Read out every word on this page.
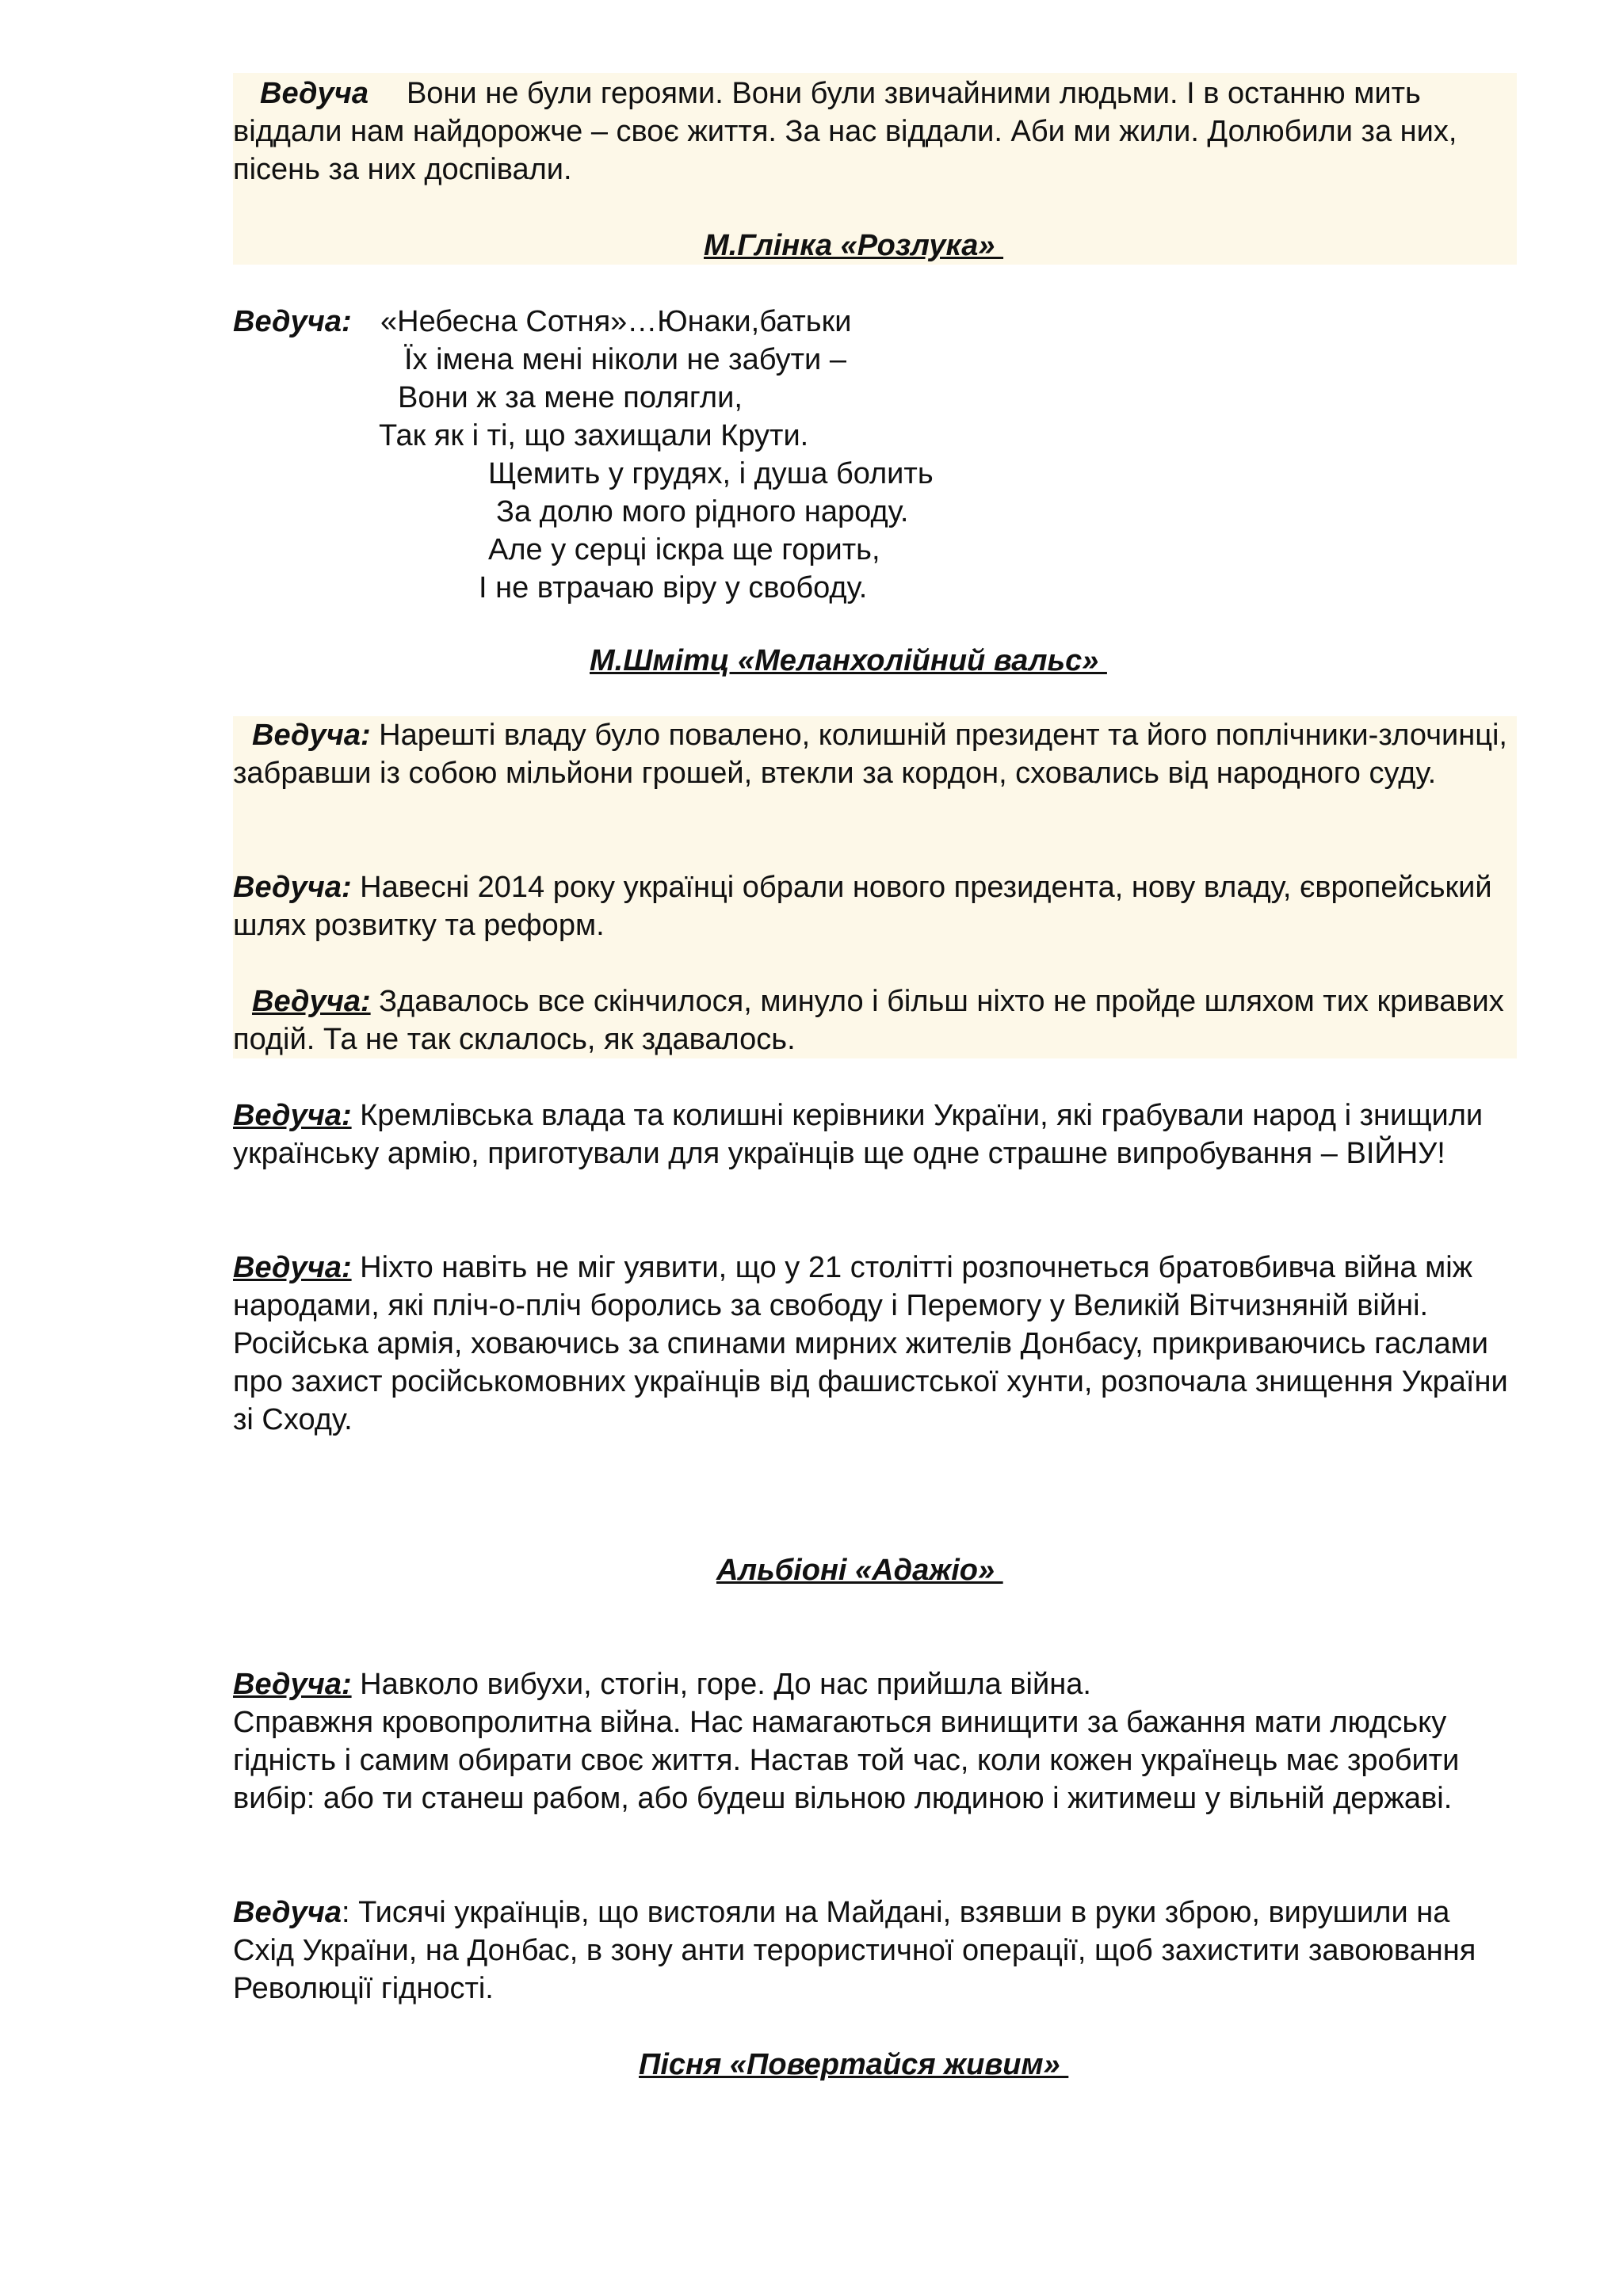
Ведуча Вони не були героями. Вони були звичайними людьми. І в останню мить віддали нам найдорожче – своє життя. За нас віддали. Аби ми жили. Долюбили за них, пісень за них доспівали.

М.Глінка «Розлука»
Ведуча: «Небесна Сотня»…Юнаки,батьки
Їх імена мені ніколи не забути –
Вони ж за мене полягли,
Так як і ті, що захищали Крути.
Щемить у грудях, і душа болить
За долю мого рідного народу.
Але у серці іскра ще горить,
І не втрачаю віру у свободу.
М.Шмітц «Меланхолійний вальс»

Ведуча: Нарешті владу було повалено, колишній президент та його поплічники-злочинці, забравши із собою мільйони грошей, втекли за кордон, сховались від народного суду.

Ведуча: Навесні 2014 року українці обрали нового президента, нову владу, європейський шлях розвитку та реформ.

Ведуча: Здавалось все скінчилося, минуло і більш ніхто не пройде шляхом тих кривавих подій. Та не так склалось, як здавалось.

Ведуча: Кремлівська влада та колишні керівники України, які грабували народ і знищили українську армію, приготували для українців ще одне страшне випробування – ВІЙНУ!

Ведуча: Ніхто навіть не міг уявити, що у 21 столітті розпочнеться братовбивча війна між народами, які пліч-о-пліч боролись за свободу і Перемогу у Великій Вітчизняній війні. Російська армія, ховаючись за спинами мирних жителів Донбасу, прикриваючись гаслами про захист російськомовних українців від фашистської хунти, розпочала знищення України зі Сходу.

Альбіоні «Адажіо»

Ведуча: Навколо вибухи, стогін, горе. До нас прийшла війна.

Справжня кровопролитна війна. Нас намагаються винищити за бажання мати людську гідність і самим обирати своє життя. Настав той час, коли кожен українець має зробити вибір: або ти станеш рабом, або будеш вільною людиною і житимеш у вільній державі.

Ведуча: Тисячі українців, що вистояли на Майдані, взявши в руки зброю, вирушили на Схід України, на Донбас, в зону анти терористичної операції, щоб захистити завоювання Революції гідності.

Пісня «Повертайся живим»
